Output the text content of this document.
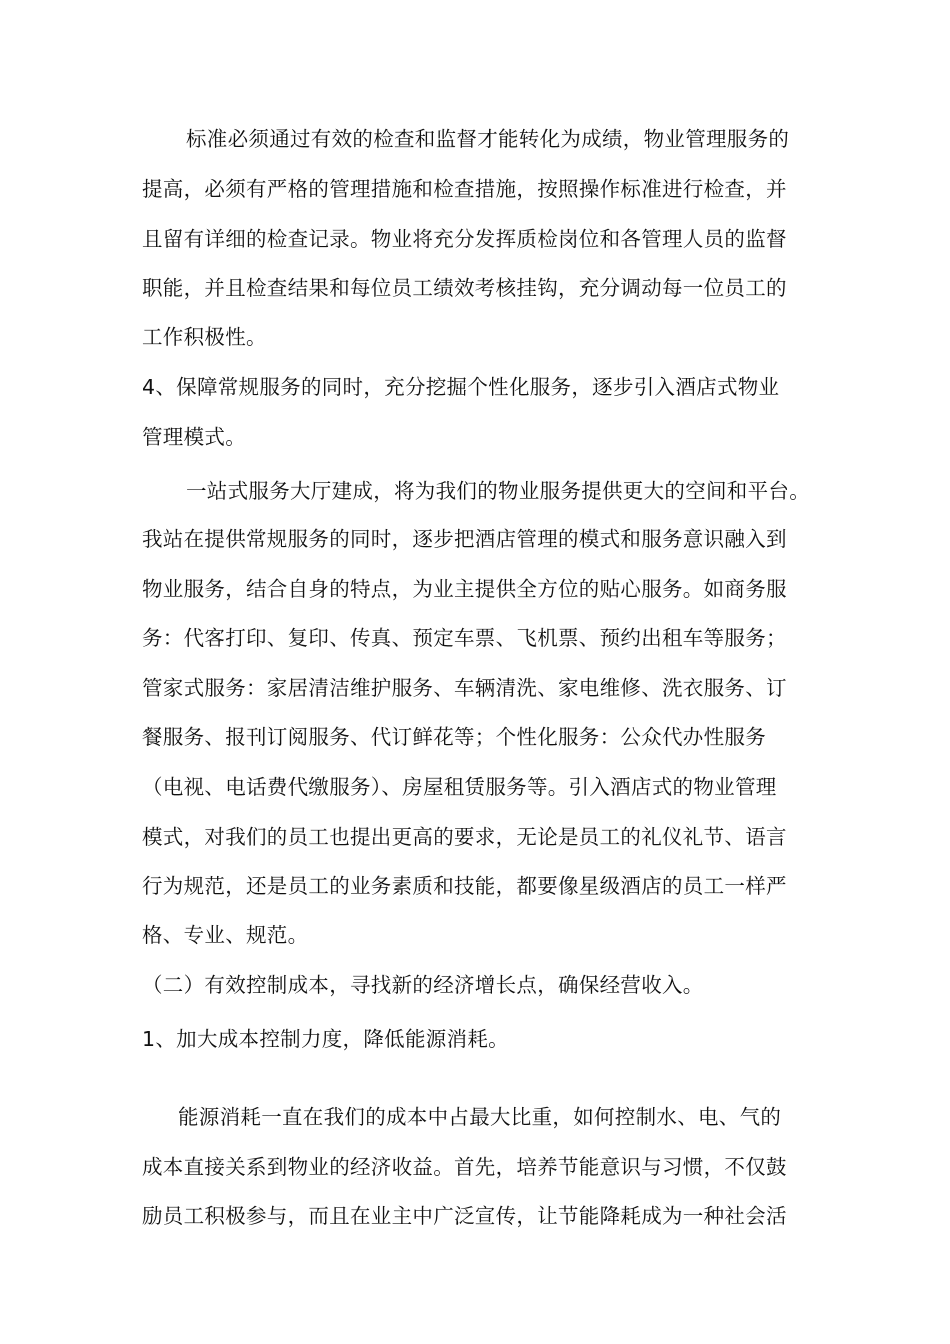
标准必须通过有效的检查和监督才能转化为成绩，物业管理服务的
提高，必须有严格的管理措施和检查措施，按照操作标准进行检查，并
且留有详细的检查记录。物业将充分发挥质检岗位和各管理人员的监督
职能，并且检查结果和每位员工绩效考核挂钩，充分调动每一位员工的
工作积极性。
4、保障常规服务的同时，充分挖掘个性化服务，逐步引入酒店式物业
管理模式。
一站式服务大厅建成，将为我们的物业服务提供更大的空间和平台。
我站在提供常规服务的同时，逐步把酒店管理的模式和服务意识融入到
物业服务，结合自身的特点，为业主提供全方位的贴心服务。如商务服
务：代客打印、复印、传真、预定车票、飞机票、预约出租车等服务；
管家式服务：家居清洁维护服务、车辆清洗、家电维修、洗衣服务、订
餐服务、报刊订阅服务、代订鲜花等；个性化服务：公众代办性服务
（电视、电话费代缴服务）、房屋租赁服务等。引入酒店式的物业管理
模式，对我们的员工也提出更高的要求，无论是员工的礼仪礼节、语言
行为规范，还是员工的业务素质和技能，都要像星级酒店的员工一样严
格、专业、规范。
（二）有效控制成本，寻找新的经济增长点，确保经营收入。
1、加大成本控制力度，降低能源消耗。
能源消耗一直在我们的成本中占最大比重，如何控制水、电、气的
成本直接关系到物业的经济收益。首先，培养节能意识与习惯，不仅鼓
励员工积极参与，而且在业主中广泛宣传，让节能降耗成为一种社会活
